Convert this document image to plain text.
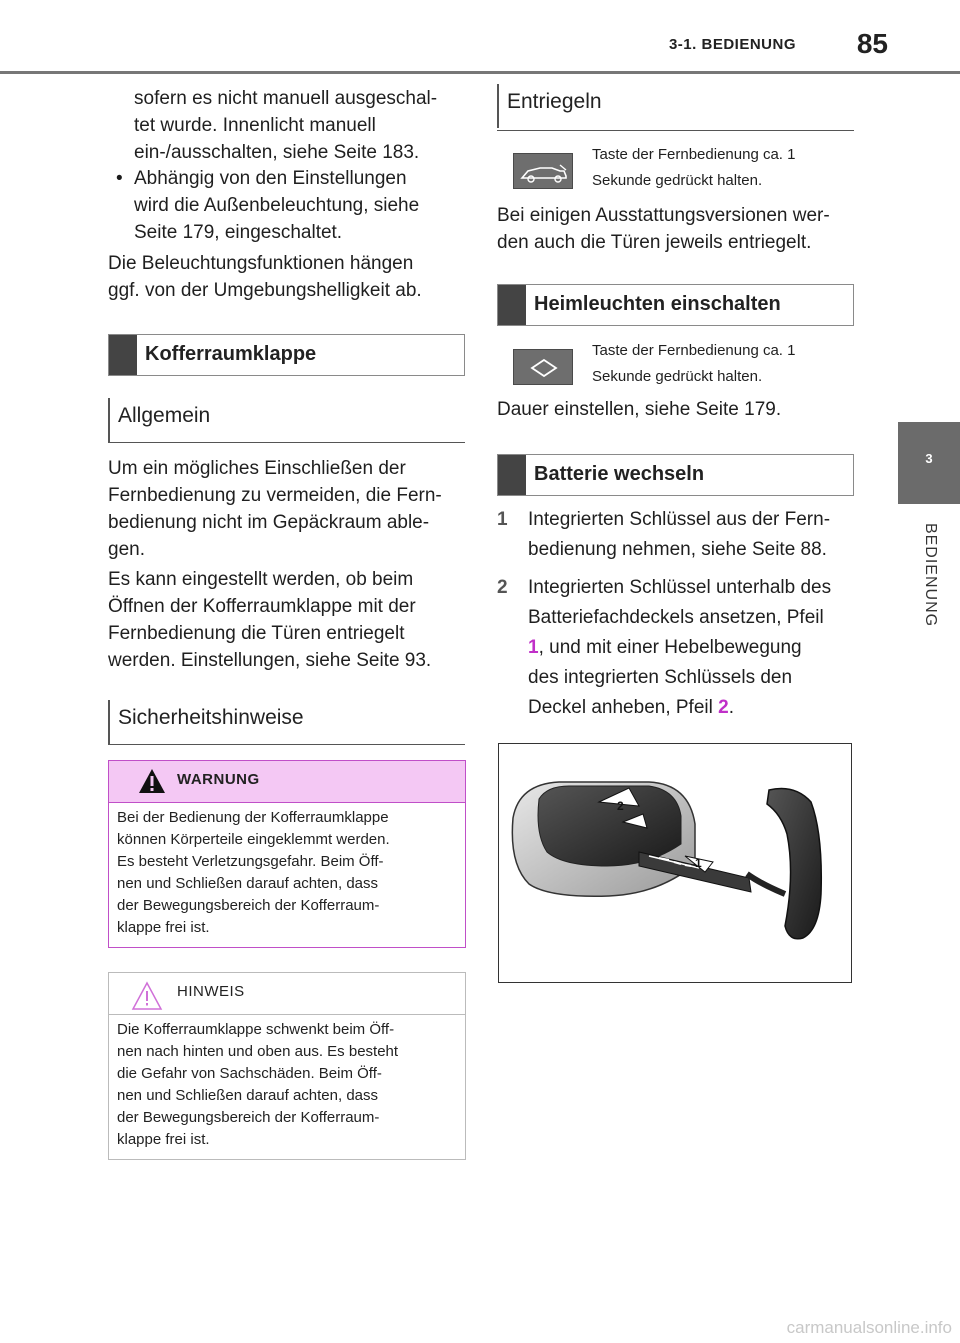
3-1. BEDIENUNG	85
3
BEDIENUNG
sofern es nicht manuell ausgeschal-
tet wurde. Innenlicht manuell
ein-/ausschalten, siehe Seite 183.
• Abhängig von den Einstellungen
wird die Außenbeleuchtung, siehe
Seite 179, eingeschaltet.
Die Beleuchtungsfunktionen hängen
ggf. von der Umgebungshelligkeit ab.
Kofferraumklappe
Allgemein
Um ein mögliches Einschließen der
Fernbedienung zu vermeiden, die Fern-
bedienung nicht im Gepäckraum able-
gen.
Es kann eingestellt werden, ob beim
Öffnen der Kofferraumklappe mit der
Fernbedienung die Türen entriegelt
werden. Einstellungen, siehe Seite 93.
Sicherheitshinweise
WARNUNG
Bei der Bedienung der Kofferraumklappe
können Körperteile eingeklemmt werden.
Es besteht Verletzungsgefahr. Beim Öff-
nen und Schließen darauf achten, dass
der Bewegungsbereich der Kofferraum-
klappe frei ist.
HINWEIS
Die Kofferraumklappe schwenkt beim Öff-
nen nach hinten und oben aus. Es besteht
die Gefahr von Sachschäden. Beim Öff-
nen und Schließen darauf achten, dass
der Bewegungsbereich der Kofferraum-
klappe frei ist.
Entriegeln
Taste der Fernbedienung ca. 1
Sekunde gedrückt halten.
Bei einigen Ausstattungsversionen wer-
den auch die Türen jeweils entriegelt.
Heimleuchten einschalten
Taste der Fernbedienung ca. 1
Sekunde gedrückt halten.
Dauer einstellen, siehe Seite 179.
Batterie wechseln
1 Integrierten Schlüssel aus der Fern-
bedienung nehmen, siehe Seite 88.
2 Integrierten Schlüssel unterhalb des
Batteriefachdeckels ansetzen, Pfeil
1, und mit einer Hebelbewegung
des integrierten Schlüssels den
Deckel anheben, Pfeil 2.
2
1
carmanualsonline.info
